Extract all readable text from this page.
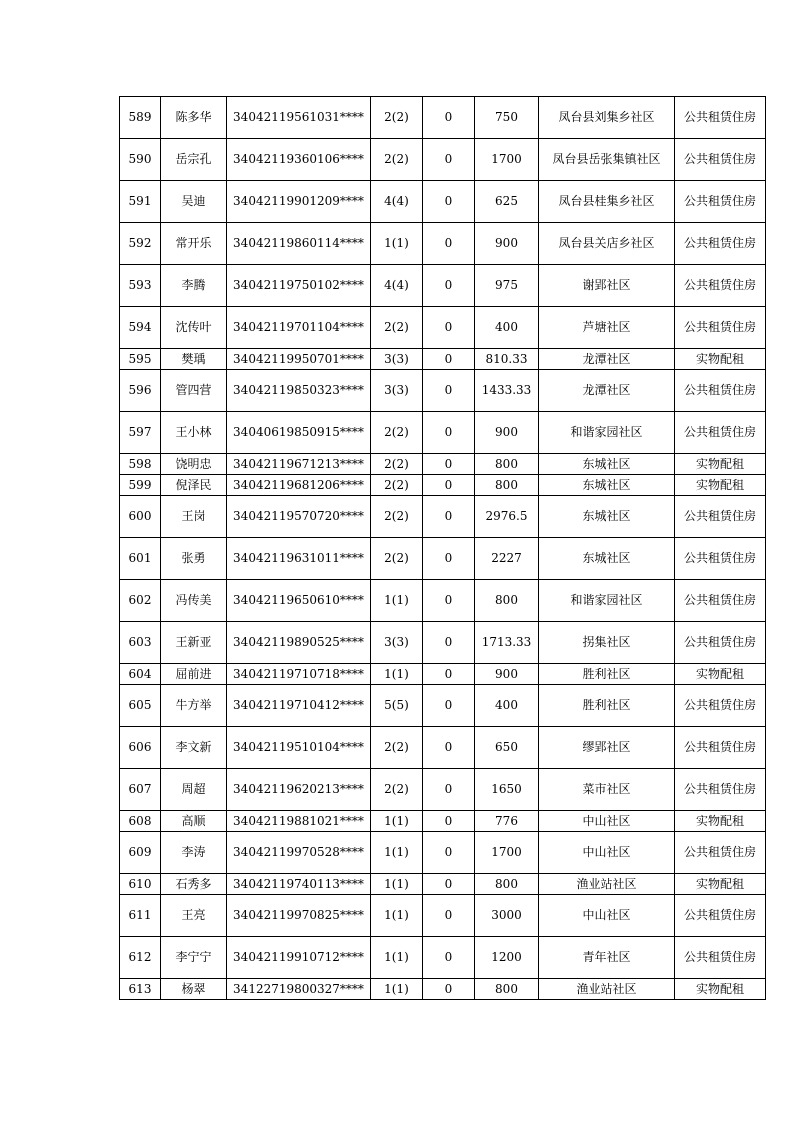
589	陈多华	34042119561031****	2(2)	0	750	凤台县刘集乡社区	公共租赁住房
590	岳宗孔	34042119360106****	2(2)	0	1700	凤台县岳张集镇社区	公共租赁住房
591	吴迪	34042119901209****	4(4)	0	625	凤台县桂集乡社区	公共租赁住房
592	常开乐	34042119860114****	1(1)	0	900	凤台县关店乡社区	公共租赁住房
593	李腾	34042119750102****	4(4)	0	975	谢郢社区	公共租赁住房
594	沈传叶	34042119701104****	2(2)	0	400	芦塘社区	公共租赁住房
595	樊瑀	34042119950701****	3(3)	0	810.33	龙潭社区	实物配租
596	管四营	34042119850323****	3(3)	0	1433.33	龙潭社区	公共租赁住房
597	王小林	34040619850915****	2(2)	0	900	和谐家园社区	公共租赁住房
598	饶明忠	34042119671213****	2(2)	0	800	东城社区	实物配租
599	倪泽民	34042119681206****	2(2)	0	800	东城社区	实物配租
600	王岗	34042119570720****	2(2)	0	2976.5	东城社区	公共租赁住房
601	张勇	34042119631011****	2(2)	0	2227	东城社区	公共租赁住房
602	冯传美	34042119650610****	1(1)	0	800	和谐家园社区	公共租赁住房
603	王新亚	34042119890525****	3(3)	0	1713.33	拐集社区	公共租赁住房
604	屈前进	34042119710718****	1(1)	0	900	胜利社区	实物配租
605	牛方举	34042119710412****	5(5)	0	400	胜利社区	公共租赁住房
606	李文新	34042119510104****	2(2)	0	650	缪郢社区	公共租赁住房
607	周超	34042119620213****	2(2)	0	1650	菜市社区	公共租赁住房
608	高顺	34042119881021****	1(1)	0	776	中山社区	实物配租
609	李涛	34042119970528****	1(1)	0	1700	中山社区	公共租赁住房
610	石秀多	34042119740113****	1(1)	0	800	渔业站社区	实物配租
611	王亮	34042119970825****	1(1)	0	3000	中山社区	公共租赁住房
612	李宁宁	34042119910712****	1(1)	0	1200	青年社区	公共租赁住房
613	杨翠	34122719800327****	1(1)	0	800	渔业站社区	实物配租
